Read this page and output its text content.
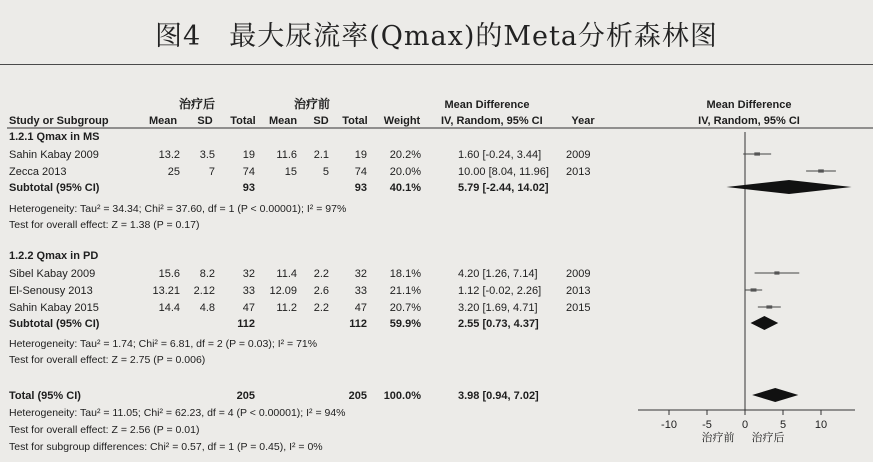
图4　最大尿流率(Qmax)的Meta分析森林图
治疗后	治疗前	Mean Difference	Mean Difference
Study or Subgroup	Mean SD Total Mean SD Total Weight IV, Random, 95% CI	Year	IV, Random, 95% CI
1.2.1 Qmax in MS
Sahin Kabay 2009	13.2 3.5	19 11.6 2.1 19 20.2%	1.60 [-0.24, 3.44] 2009
Zecca 2013	25	7	74	15 5 74 20.0%	10.00 [8.04, 11.96] 2013
Subtotal (95% CI)	93	93 40.1%	5.79 [-2.44, 14.02]
Heterogeneity: Tau² = 34.34; Chi² = 37.60, df = 1 (P < 0.00001); I² = 97%
Test for overall effect: Z = 1.38 (P = 0.17)
1.2.2 Qmax in PD
Sibel Kabay 2009	15.6 8.2	32 11.4 2.2 32 18.1%	4.20 [1.26, 7.14]	2009
El-Senousy 2013	13.21 2.12	33 12.09 2.6 33 21.1%	1.12 [-0.02, 2.26] 2013
Sahin Kabay 2015	14.4 4.8	47 11.2 2.2 47 20.7%	3.20 [1.69, 4.71]	2015
Subtotal (95% CI)	112	112 59.9%	2.55 [0.73, 4.37]
Heterogeneity: Tau² = 1.74; Chi² = 6.81, df = 2 (P = 0.03); I² = 71%
Test for overall effect: Z = 2.75 (P = 0.006)
Total (95% CI)	205	205 100.0%	3.98 [0.94, 7.02]
Heterogeneity: Tau² = 11.05; Chi² = 62.23, df = 4 (P < 0.00001); I² = 94%
Test for overall effect: Z = 2.56 (P = 0.01)
Test for subgroup differences: Chi² = 0.57, df = 1 (P = 0.45), I² = 0%
-10 -5	0	5	10
治疗前 治疗后
